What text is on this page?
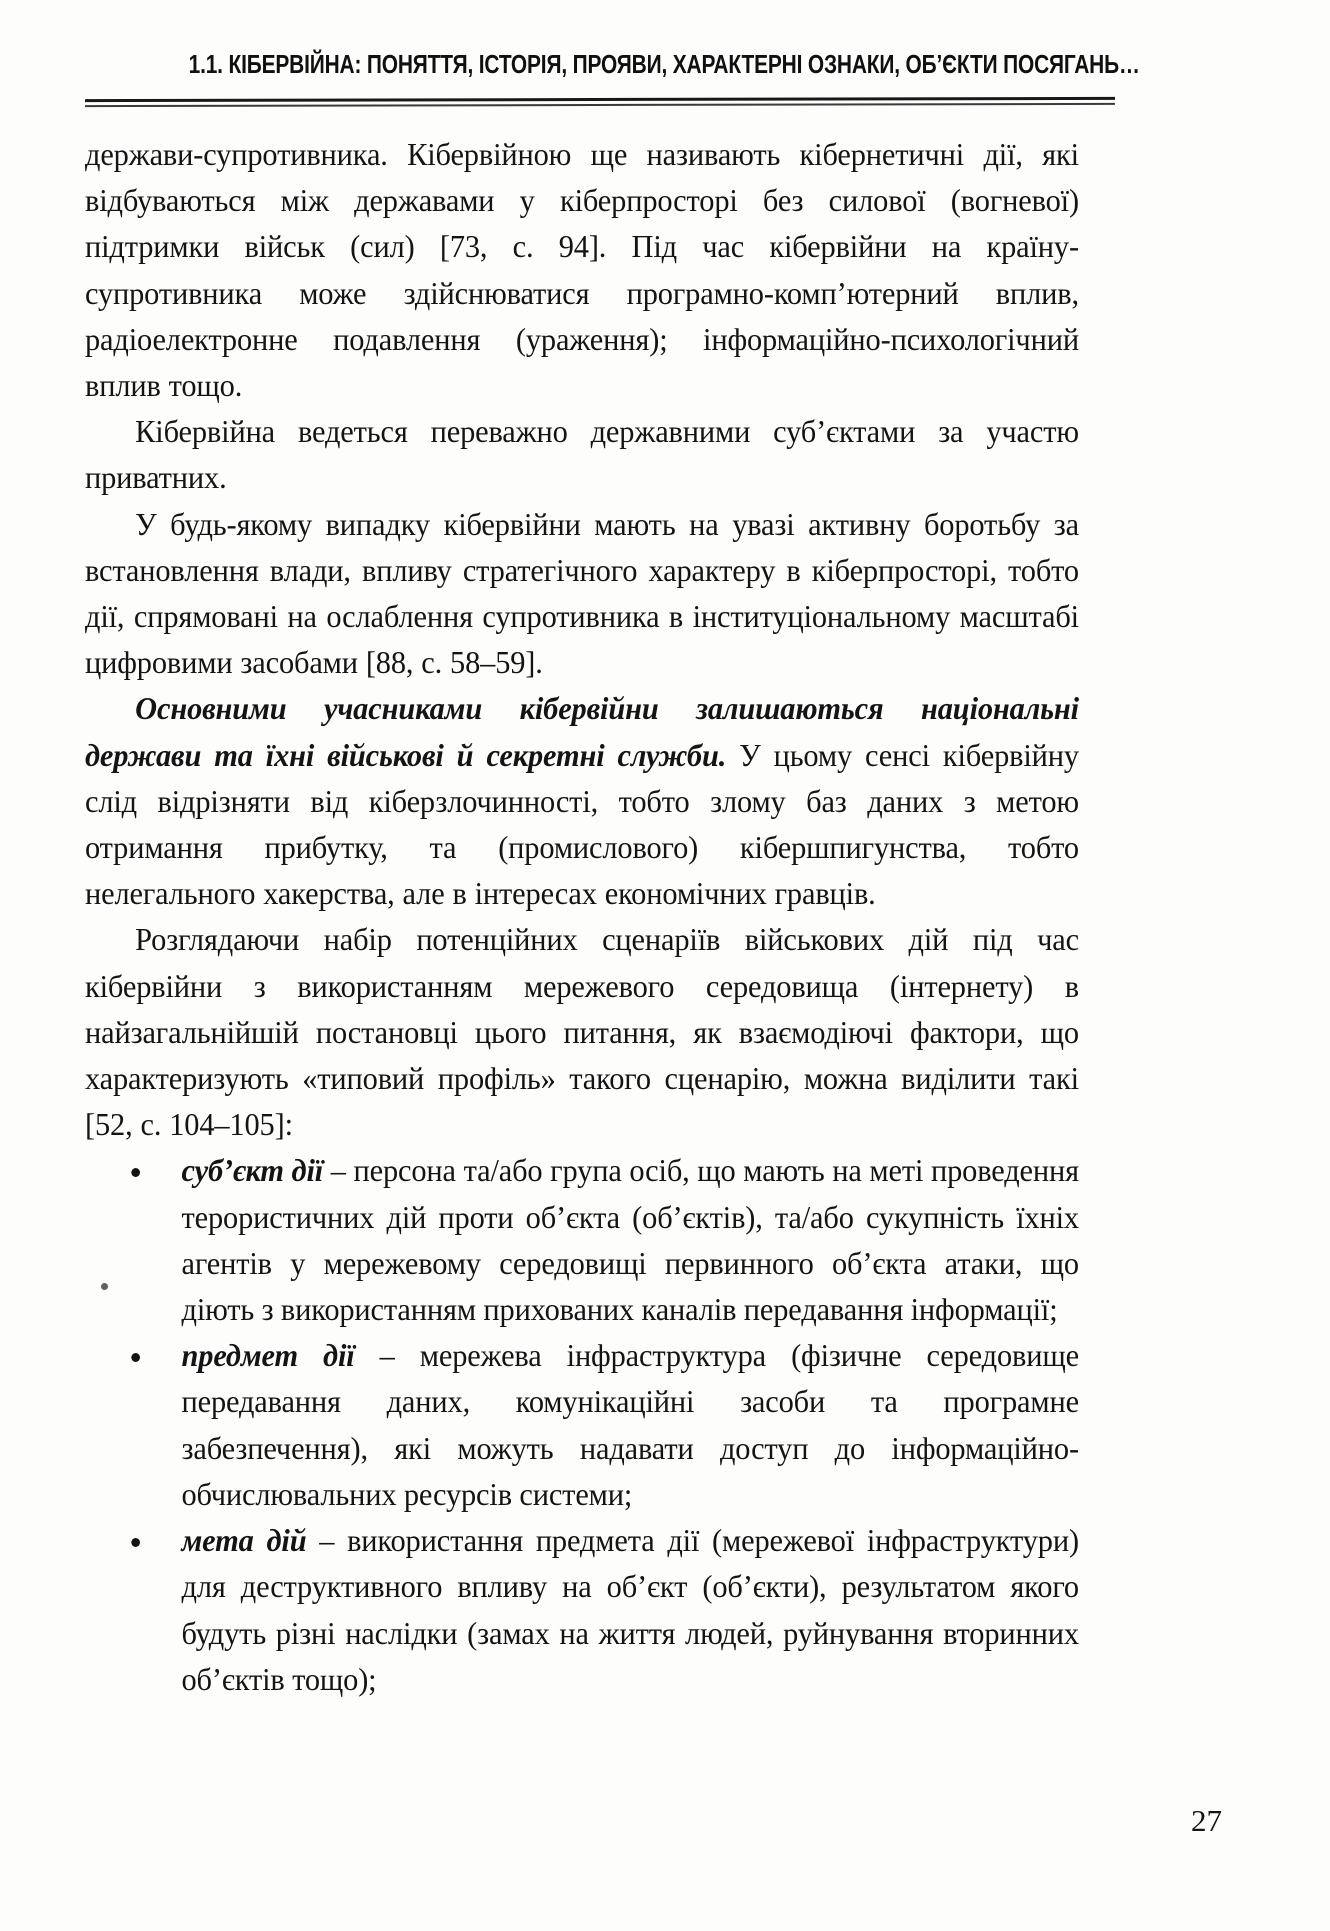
1.1. КІБЕРВІЙНА: ПОНЯТТЯ, ІСТОРІЯ, ПРОЯВИ, ХАРАКТЕРНІ ОЗНАКИ, ОБ’ЄКТИ ПОСЯГАНЬ…

держави-супротивника. Кібервійною ще називають кібернетичні дії, які відбуваються між державами у кіберпросторі без силової (вогневої) підтримки військ (сил) [73, с. 94]. Під час кібервійни на країну-супротивника може здійснюватися програмно-комп’ютерний вплив, радіоелектронне подавлення (ураження); інформаційно-психологічний вплив тощо.

Кібервійна ведеться переважно державними суб’єктами за участю приватних.

У будь-якому випадку кібервійни мають на увазі активну боротьбу за встановлення влади, впливу стратегічного характеру в кіберпросторі, тобто дії, спрямовані на ослаблення супротивника в інституціональному масштабі цифровими засобами [88, с. 58–59].

Основними учасниками кібервійни залишаються національні держави та їхні військові й секретні служби. У цьому сенсі кібервійну слід відрізняти від кіберзлочинності, тобто злому баз даних з метою отримання прибутку, та (промислового) кібершпигунства, тобто нелегального хакерства, але в інтересах економічних гравців.

Розглядаючи набір потенційних сценаріїв військових дій під час кібервійни з використанням мережевого середовища (інтернету) в найзагальнійшій постановці цього питання, як взаємодіючі фактори, що характеризують «типовий профіль» такого сценарію, можна виділити такі [52, с. 104–105]:

суб’єкт дії – персона та/або група осіб, що мають на меті проведення терористичних дій проти об’єкта (об’єктів), та/або сукупність їхніх агентів у мережевому середовищі первинного об’єкта атаки, що діють з використанням прихованих каналів передавання інформації;
предмет дії – мережева інфраструктура (фізичне середовище передавання даних, комунікаційні засоби та програмне забезпечення), які можуть надавати доступ до інформаційно-обчислювальних ресурсів системи;
мета дій – використання предмета дії (мережевої інфраструктури) для деструктивного впливу на об’єкт (об’єкти), результатом якого будуть різні наслідки (замах на життя людей, руйнування вторинних об’єктів тощо);
27
